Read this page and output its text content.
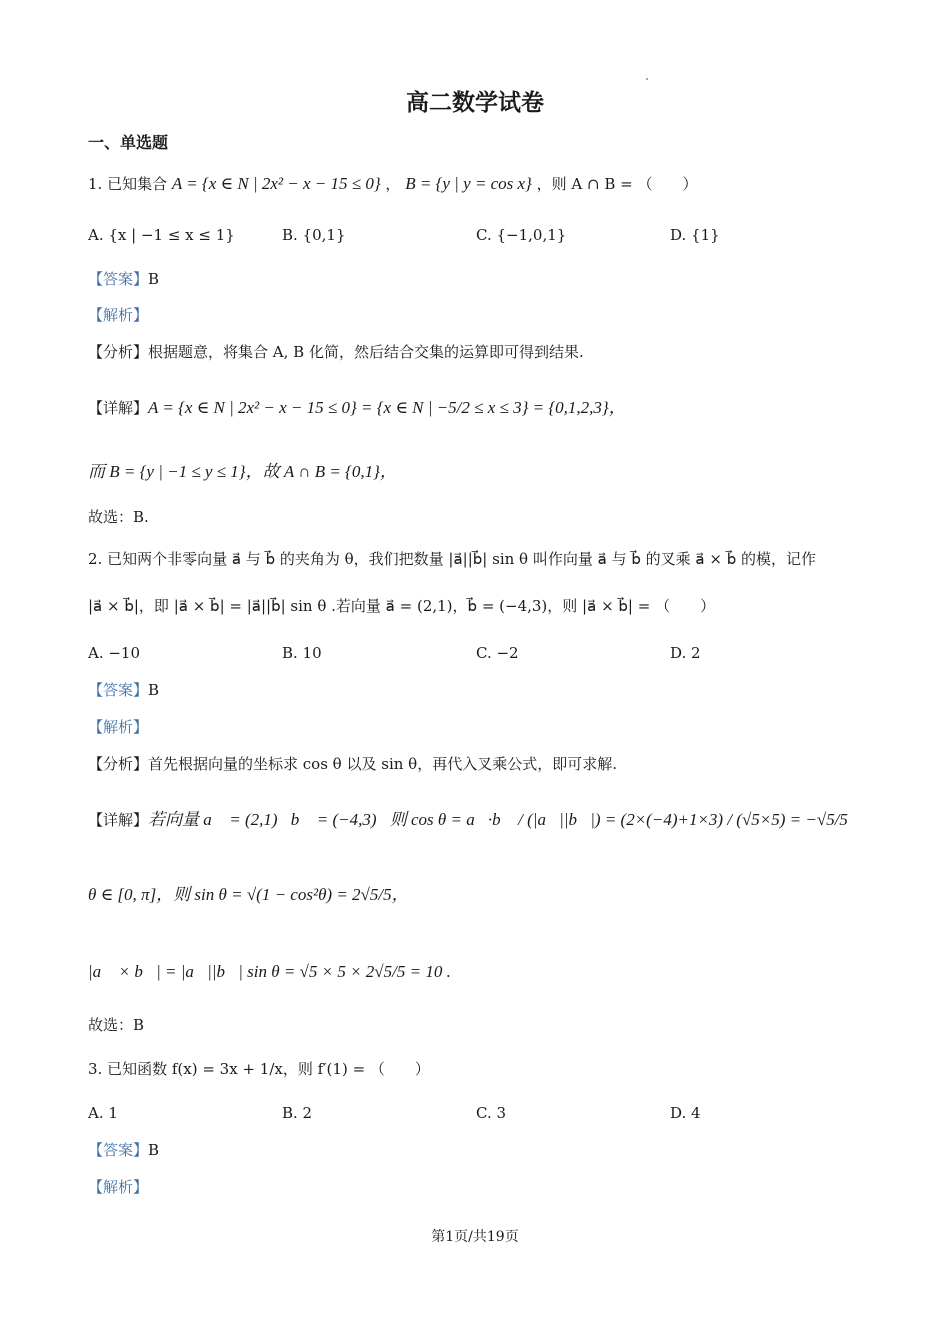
高二数学试卷
一、单选题
1. 已知集合 A = {x ∈ N | 2x² − x − 15 ≤ 0} ， B = {y | y = cos x} ，则 A ∩ B = （　　）
A. {x | −1 ≤ x ≤ 1}	B. {0,1}	C. {−1,0,1}	D. {1}
【答案】B
【解析】
【分析】根据题意，将集合 A, B 化简，然后结合交集的运算即可得到结果.
【详解】A = {x ∈ N | 2x² − x − 15 ≤ 0} = {x ∈ N | −5/2 ≤ x ≤ 3} = {0,1,2,3}，
而 B = {y | −1 ≤ y ≤ 1}，故 A ∩ B = {0,1}，
故选：B.
2. 已知两个非零向量 a⃗ 与 b⃗ 的夹角为 θ，我们把数量 |a⃗||b⃗| sin θ 叫作向量 a⃗ 与 b⃗ 的叉乘 a⃗ × b⃗ 的模，记作
|a⃗ × b⃗|，即 |a⃗ × b⃗| = |a⃗||b⃗| sin θ .若向量 a⃗ = (2,1)，b⃗ = (−4,3)，则 |a⃗ × b⃗| = （　　）
A. −10	B. 10	C. −2	D. 2
【答案】B
【解析】
【分析】首先根据向量的坐标求 cos θ 以及 sin θ，再代入叉乘公式，即可求解.
【详解】若向量 a⃗ = (2,1)，b⃗ = (−4,3)，则 cos θ = a⃗·b⃗ / (|a⃗||b⃗|) = (2×(−4)+1×3) / (√5×5) = −√5/5，
θ ∈ [0, π]，则 sin θ = √(1 − cos²θ) = 2√5/5，
|a⃗ × b⃗| = |a⃗||b⃗| sin θ = √5 × 5 × 2√5/5 = 10 .
故选：B
3. 已知函数 f(x) = 3x + 1/x，则 f′(1) = （　　）
A. 1	B. 2	C. 3	D. 4
【答案】B
【解析】
第1页/共19页
